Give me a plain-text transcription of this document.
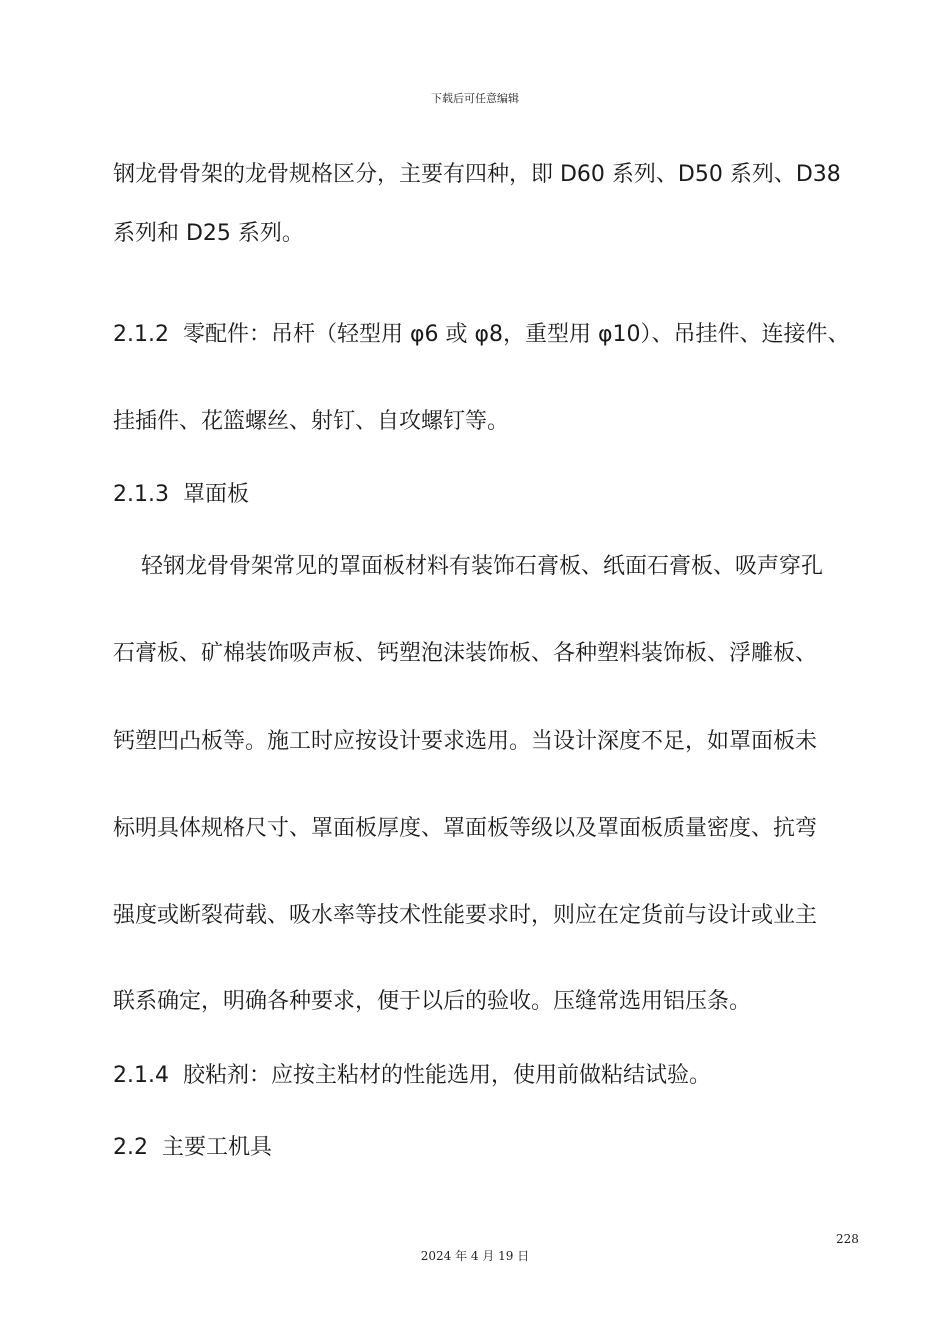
下载后可任意编辑
钢龙骨骨架的龙骨规格区分，主要有四种，即 D60 系列、D50 系列、D38
系列和 D25 系列。
2.1.2 零配件：吊杆（轻型用 φ6 或 φ8，重型用 φ10）、吊挂件、连接件、
挂插件、花篮螺丝、射钉、自攻螺钉等。
2.1.3 罩面板
轻钢龙骨骨架常见的罩面板材料有装饰石膏板、纸面石膏板、吸声穿孔
石膏板、矿棉装饰吸声板、钙塑泡沫装饰板、各种塑料装饰板、浮雕板、
钙塑凹凸板等。施工时应按设计要求选用。当设计深度不足，如罩面板未
标明具体规格尺寸、罩面板厚度、罩面板等级以及罩面板质量密度、抗弯
强度或断裂荷载、吸水率等技术性能要求时，则应在定货前与设计或业主
联系确定，明确各种要求，便于以后的验收。压缝常选用铝压条。
2.1.4 胶粘剂：应按主粘材的性能选用，使用前做粘结试验。
2.2 主要工机具
228
2024 年 4 月 19 日
